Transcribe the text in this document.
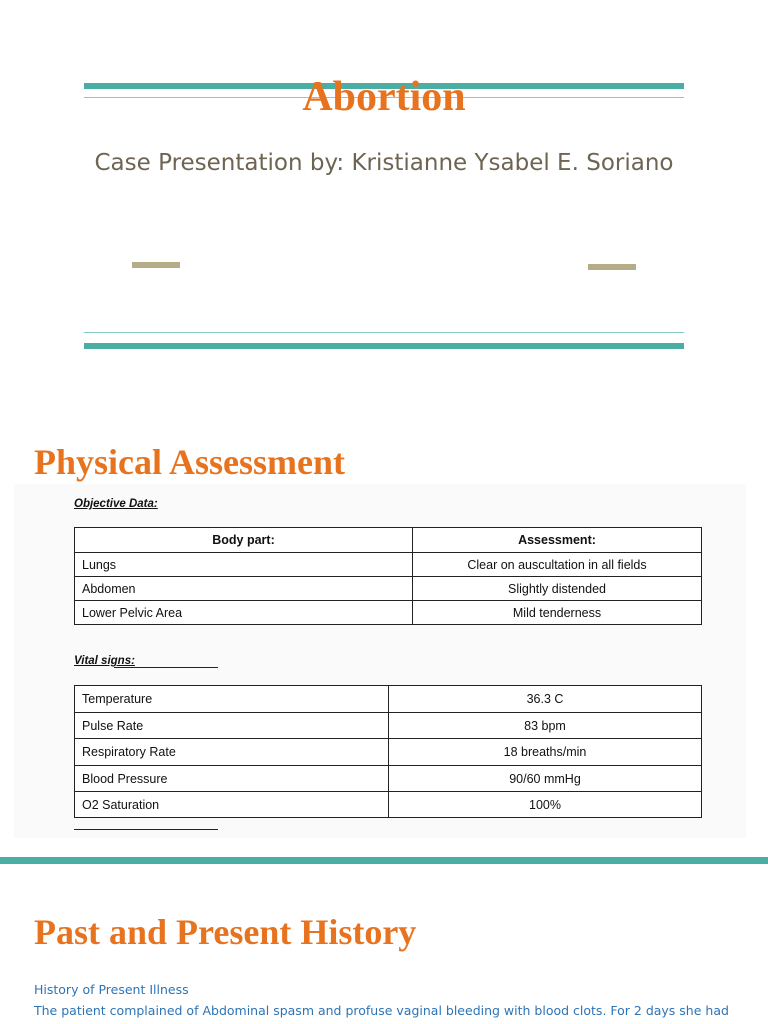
Abortion
Case Presentation by: Kristianne Ysabel E. Soriano
Physical Assessment
Objective Data:
Body part:	Assessment:
Lungs	Clear on auscultation in all fields
Abdomen	Slightly distended
Lower Pelvic Area	Mild tenderness
Vital signs:
Temperature	36.3 C
Pulse Rate	83 bpm
Respiratory Rate	18 breaths/min
Blood Pressure	90/60 mmHg
O2 Saturation	100%
Past and Present History
History of Present Illness
The patient complained of Abdominal spasm and profuse vaginal bleeding with blood clots. For 2 days she had
